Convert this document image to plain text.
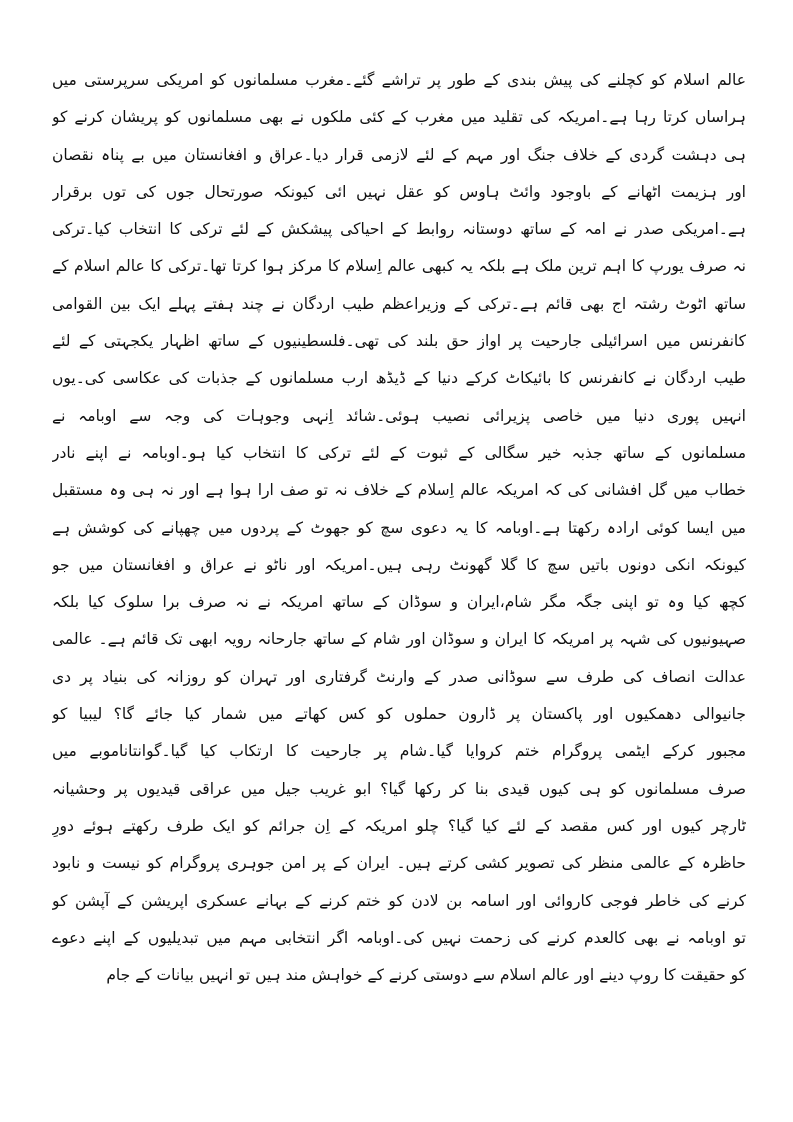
عالم اسلام کو کچلنے کی پیش بندی کے طور پر تراشے گئے۔مغرب مسلمانوں کو امریکی سرپرستی میں
ہراساں کرتا رہا ہے۔امریکہ کی تقلید میں مغرب کے کئی ملکوں نے بھی مسلمانوں کو پریشان کرنے کو
ہی دہشت گردی کے خلاف جنگ اور مہم کے لئے لازمی قرار دیا۔عراق و افغانستان میں بے پناہ نقصان
اور ہزیمت اٹھانے کے باوجود وائٹ ہاوس کو عقل نہیں ائی کیونکہ صورتحال جوں کی توں برقرار
ہے۔امریکی صدر نے امہ کے ساتھ دوستانہ روابط کے احیاکی پیشکش کے لئے ترکی کا انتخاب کیا۔ترکی
نہ صرف یورپ کا اہم ترین ملک ہے بلکہ یہ کبھی عالم اِسلام کا مرکز ہوا کرتا تھا۔ترکی کا عالم اسلام کے
ساتھ اٹوٹ رشتہ اج بھی قائم ہے۔ترکی کے وزیراعظم طیب اردگان نے چند ہفتے پہلے ایک بین القوامی
کانفرنس میں اسرائیلی جارحیت پر اواز حق بلند کی تھی۔فلسطینیوں کے ساتھ اظہار یکجہتی کے لئے
طیب اردگان نے کانفرنس کا بائیکاٹ کرکے دنیا کے ڈیڈھ ارب مسلمانوں کے جذبات کی عکاسی کی۔یوں
انہیں پوری دنیا میں خاصی پزیرائی نصیب ہوئی۔شائد اِنہی وجوہات کی وجہ سے اوبامہ نے
مسلمانوں کے ساتھ جذبہ خیر سگالی کے ثبوت کے لئے ترکی کا انتخاب کیا ہو۔اوبامہ نے اپنے نادر
خطاب میں گل افشانی کی کہ امریکہ عالم اِسلام کے خلاف نہ تو صف ارا ہوا ہے اور نہ ہی وہ مستقبل
میں ایسا کوئی ارادہ رکھتا ہے۔اوبامہ کا یہ دعوی سچ کو جھوٹ کے پردوں میں چھپانے کی کوشش ہے
کیونکہ انکی دونوں باتیں سچ کا گلا گھونٹ رہی ہیں۔امریکہ اور ناٹو نے عراق و افغانستان میں جو
کچھ کیا وہ تو اپنی جگہ مگر شام،ایران و سوڈان کے ساتھ امریکہ نے نہ صرف برا سلوک کیا بلکہ
صہیونیوں کی شہہ پر امریکہ کا ایران و سوڈان اور شام کے ساتھ جارحانہ رویہ ابھی تک قائم ہے۔ عالمی
عدالت انصاف کی طرف سے سوڈانی صدر کے وارنٹ گرفتاری اور تہران کو روزانہ کی بنیاد پر دی
جانیوالی دھمکیوں اور پاکستان پر ڈارون حملوں کو کس کھاتے میں شمار کیا جائے گا؟ لیبیا کو
مجبور کرکے ایٹمی پروگرام ختم کروایا گیا۔شام پر جارحیت کا ارتکاب کیا گیا۔گوانتاناموبے میں
صرف مسلمانوں کو ہی کیوں قیدی بنا کر رکھا گیا؟ ابو غریب جیل میں عراقی قیدیوں پر وحشیانہ
ٹارچر کیوں اور کس مقصد کے لئے کیا گیا؟ چلو امریکہ کے اِن جرائم کو ایک طرف رکھتے ہوئے دورِ
حاظرہ کے عالمی منظر کی تصویر کشی کرتے ہیں۔ ایران کے پر امن جوہری پروگرام کو نیست و نابود
کرنے کی خاطر فوجی کاروائی اور اسامہ بن لادن کو ختم کرنے کے بہانے عسکری اپریشن کے آپشن کو
تو اوبامہ نے بھی کالعدم کرنے کی زحمت نہیں کی۔اوبامہ اگر انتخابی مہم میں تبدیلیوں کے اپنے دعوے
کو حقیقت کا روپ دینے اور عالم اسلام سے دوستی کرنے کے خواہش مند ہیں تو انہیں بیانات کے جام
